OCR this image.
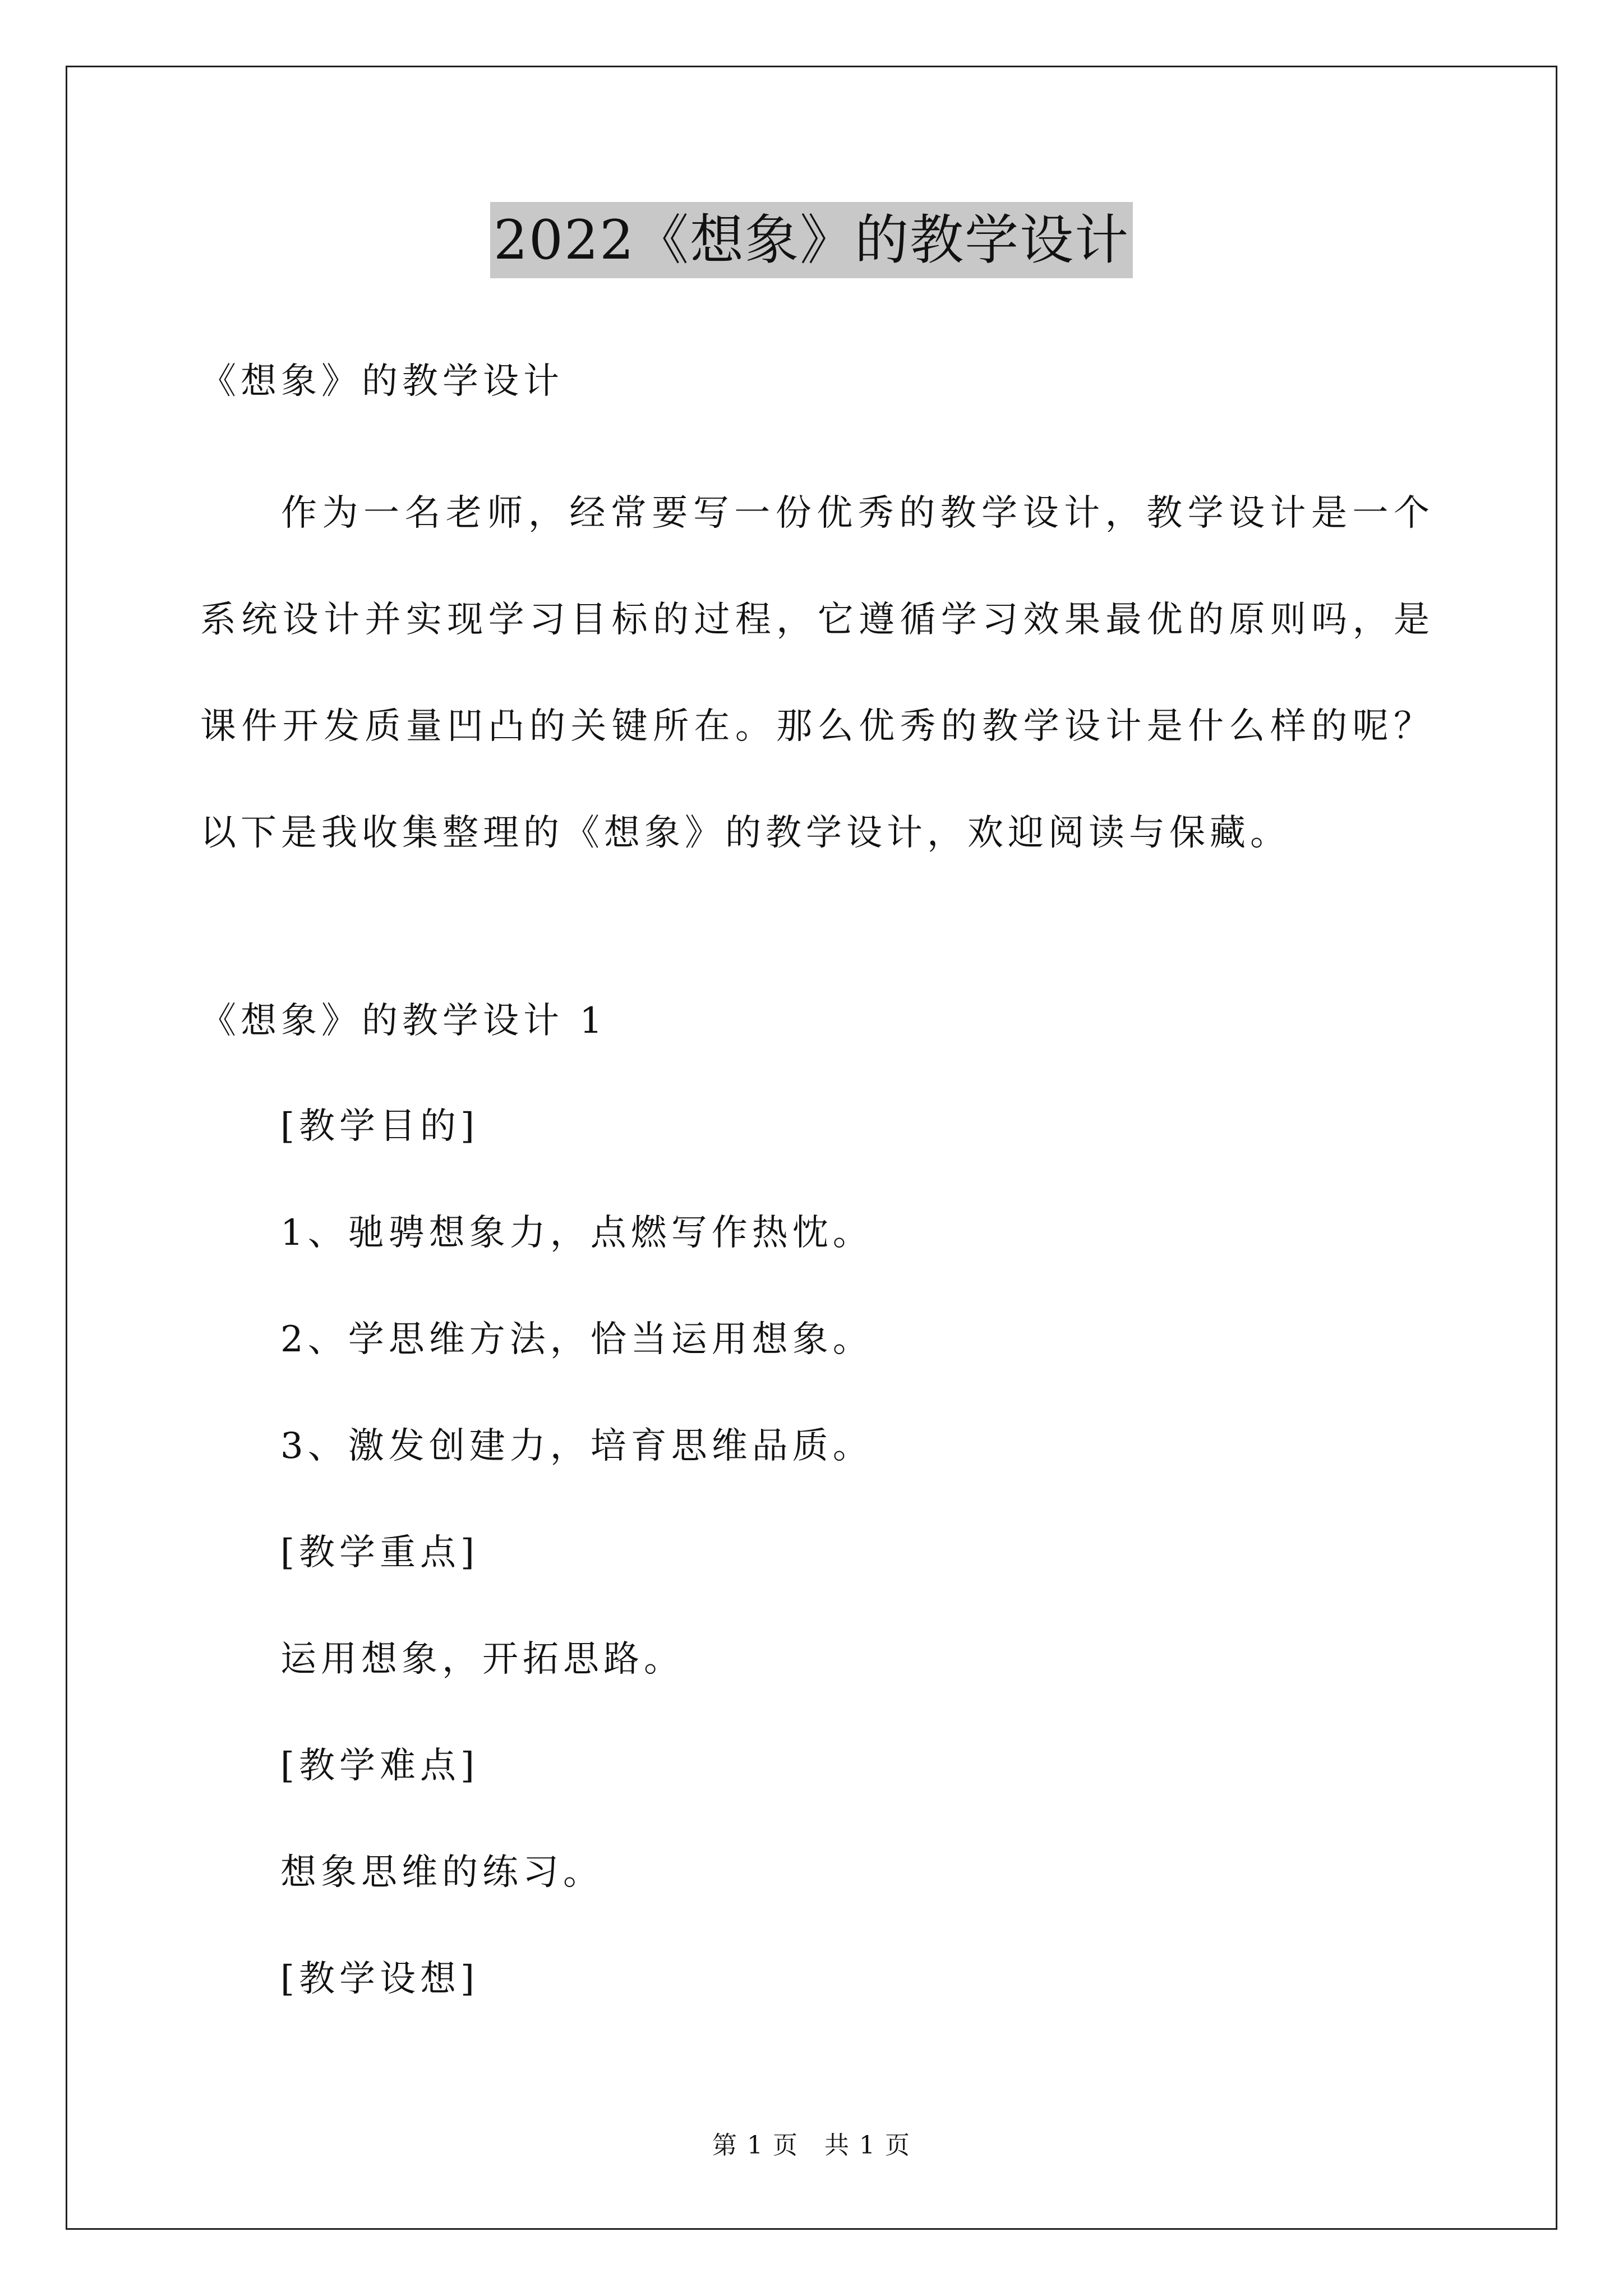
2022《想象》的教学设计
《想象》的教学设计
作为一名老师，经常要写一份优秀的教学设计，教学设计是一个系统设计并实现学习目标的过程，它遵循学习效果最优的原则吗，是课件开发质量凹凸的关键所在。那么优秀的教学设计是什么样的呢？以下是我收集整理的《想象》的教学设计，欢迎阅读与保藏。
《想象》的教学设计 1
[教学目的]
1、驰骋想象力，点燃写作热忱。
2、学思维方法，恰当运用想象。
3、激发创建力，培育思维品质。
[教学重点]
运用想象，开拓思路。
[教学难点]
想象思维的练习。
[教学设想]
第 1 页　共 1 页
